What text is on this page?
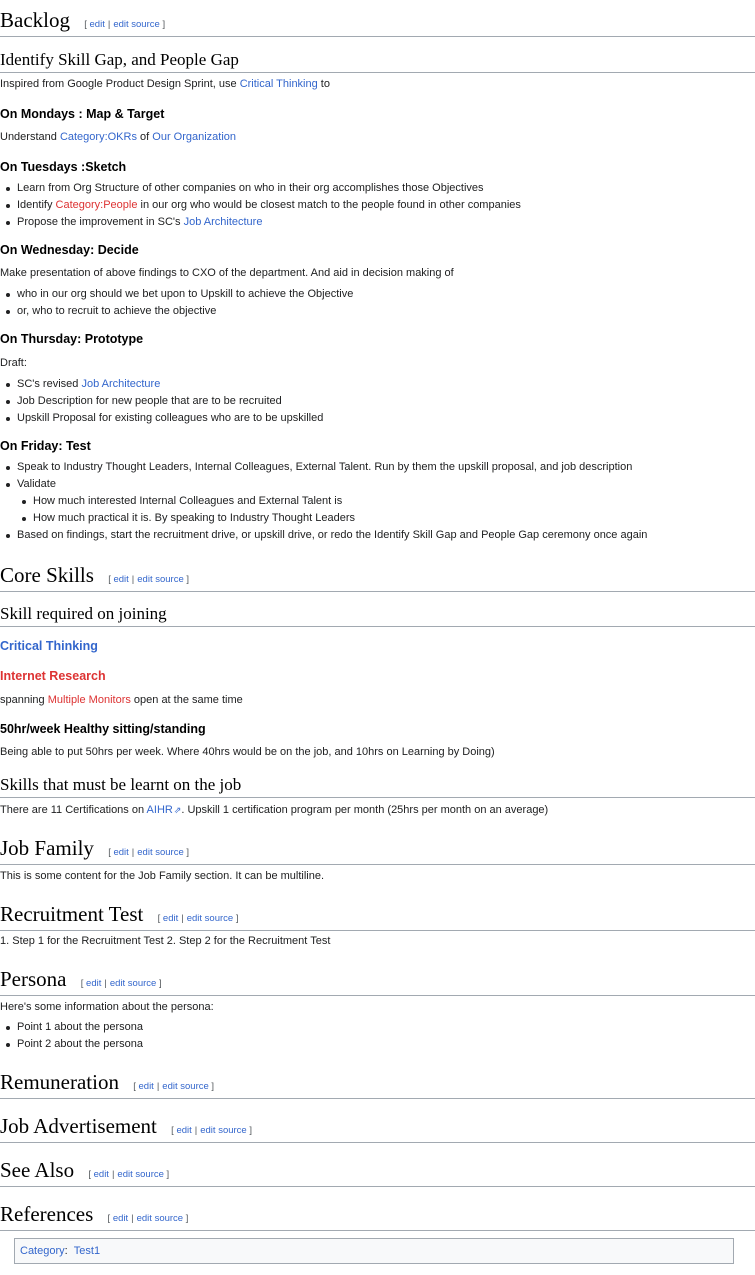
Backlog [ edit | edit source ]
Identify Skill Gap, and People Gap

Inspired from Google Product Design Sprint, use Critical Thinking to

On Mondays : Map & Target

Understand Category:OKRs of Our Organization

On Tuesdays :Sketch
Learn from Org Structure of other companies on who in their org accomplishes those Objectives
Identify Category:People in our org who would be closest match to the people found in other companies
Propose the improvement in SC's Job Architecture
On Wednesday: Decide

Make presentation of above findings to CXO of the department. And aid in decision making of

who in our org should we bet upon to Upskill to achieve the Objective
or, who to recruit to achieve the objective
On Thursday: Prototype

Draft:

SC's revised Job Architecture
Job Description for new people that are to be recruited
Upskill Proposal for existing colleagues who are to be upskilled
On Friday: Test
Speak to Industry Thought Leaders, Internal Colleagues, External Talent. Run by them the upskill proposal, and job description
Validate
How much interested Internal Colleagues and External Talent is
How much practical it is. By speaking to Industry Thought Leaders
Based on findings, start the recruitment drive, or upskill drive, or redo the Identify Skill Gap and People Gap ceremony once again
Core Skills [ edit | edit source ]
Skill required on joining
Critical Thinking
Internet Research

spanning Multiple Monitors open at the same time

50hr/week Healthy sitting/standing

Being able to put 50hrs per week. Where 40hrs would be on the job, and 10hrs on Learning by Doing)

Skills that must be learnt on the job

There are 11 Certifications on AIHR⇗. Upskill 1 certification program per month (25hrs per month on an average)

Job Family [ edit | edit source ]

This is some content for the Job Family section. It can be multiline.

Recruitment Test [ edit | edit source ]

1. Step 1 for the Recruitment Test 2. Step 2 for the Recruitment Test

Persona [ edit | edit source ]

Here's some information about the persona:

Point 1 about the persona
Point 2 about the persona
Remuneration [ edit | edit source ]
Job Advertisement [ edit | edit source ]
See Also [ edit | edit source ]
References [ edit | edit source ]
Category: Test1
